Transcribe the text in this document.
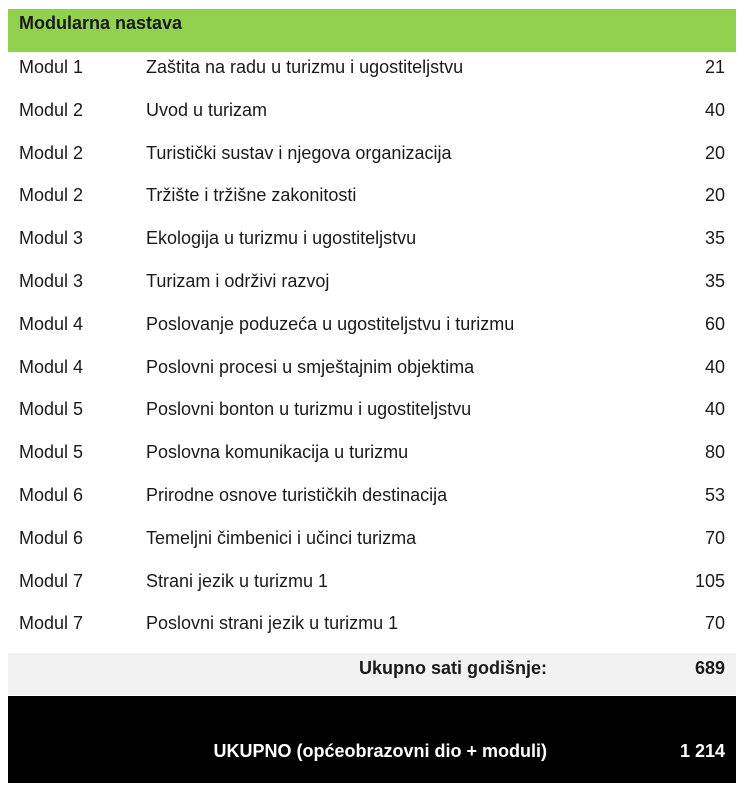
Modularna nastava
Modul 1	Zaštita na radu u turizmu i ugostiteljstvu	21
Modul 2	Uvod u turizam	40
Modul 2	Turistički sustav i njegova organizacija	20
Modul 2	Tržište i tržišne zakonitosti	20
Modul 3	Ekologija u turizmu i ugostiteljstvu	35
Modul 3	Turizam i održivi razvoj	35
Modul 4	Poslovanje poduzeća u ugostiteljstvu i turizmu	60
Modul 4	Poslovni procesi u smještajnim objektima	40
Modul 5	Poslovni bonton u turizmu i ugostiteljstvu	40
Modul 5	Poslovna komunikacija u turizmu	80
Modul 6	Prirodne osnove turističkih destinacija	53
Modul 6	Temeljni čimbenici i učinci turizma	70
Modul 7	Strani jezik u turizmu 1	105
Modul 7	Poslovni strani jezik u turizmu 1	70
Ukupno sati godišnje:	689
UKUPNO (općeobrazovni dio + moduli)	1 214
